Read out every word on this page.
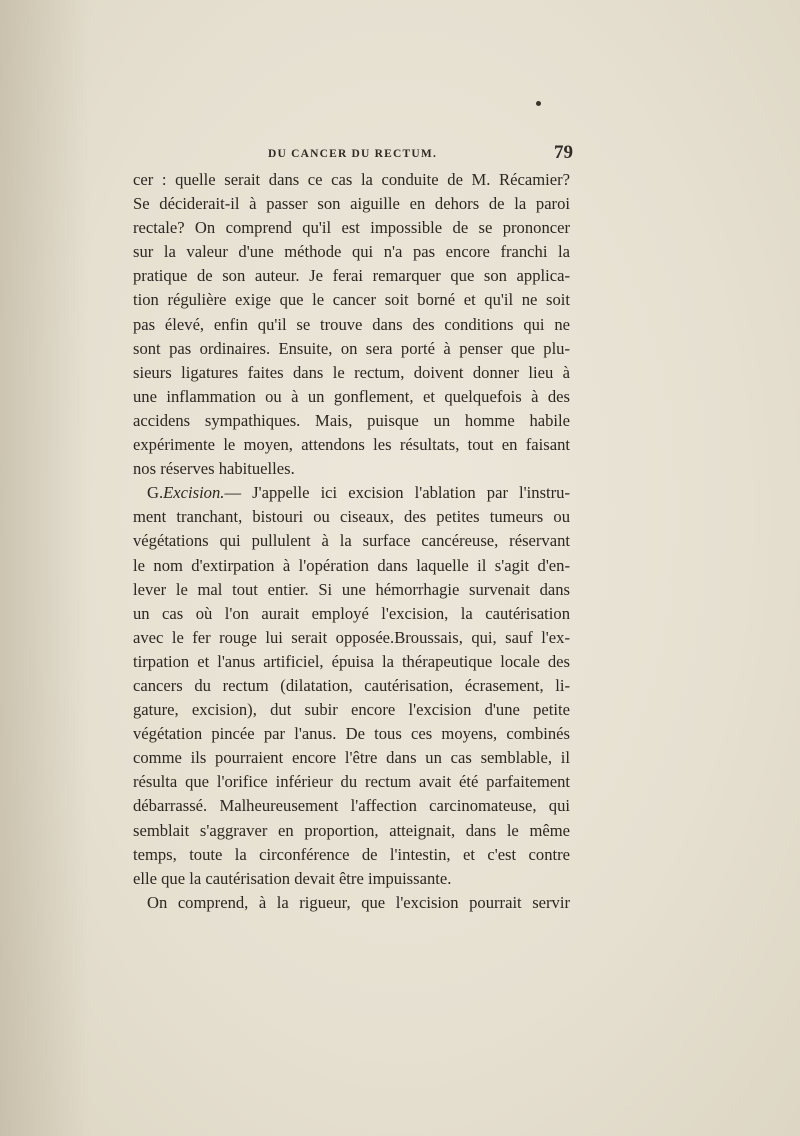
DU CANCER DU RECTUM.	79
cer : quelle serait dans ce cas la conduite de M. Récamier?
Se déciderait-il à passer son aiguille en dehors de la paroi
rectale? On comprend qu'il est impossible de se prononcer
sur la valeur d'une méthode qui n'a pas encore franchi la
pratique de son auteur. Je ferai remarquer que son applica-
tion régulière exige que le cancer soit borné et qu'il ne soit
pas élevé, enfin qu'il se trouve dans des conditions qui ne
sont pas ordinaires. Ensuite, on sera porté à penser que plu-
sieurs ligatures faites dans le rectum, doivent donner lieu à
une inflammation ou à un gonflement, et quelquefois à des
accidens sympathiques. Mais, puisque un homme habile
expérimente le moyen, attendons les résultats, tout en faisant
nos réserves habituelles.
G.Excision.— J'appelle ici excision l'ablation par l'instru-
ment tranchant, bistouri ou ciseaux, des petites tumeurs ou
végétations qui pullulent à la surface cancéreuse, réservant
le nom d'extirpation à l'opération dans laquelle il s'agit d'en-
lever le mal tout entier. Si une hémorrhagie survenait dans
un cas où l'on aurait employé l'excision, la cautérisation
avec le fer rouge lui serait opposée.Broussais, qui, sauf l'ex-
tirpation et l'anus artificiel, épuisa la thérapeutique locale des
cancers du rectum (dilatation, cautérisation, écrasement, li-
gature, excision), dut subir encore l'excision d'une petite
végétation pincée par l'anus. De tous ces moyens, combinés
comme ils pourraient encore l'être dans un cas semblable, il
résulta que l'orifice inférieur du rectum avait été parfaitement
débarrassé. Malheureusement l'affection carcinomateuse, qui
semblait s'aggraver en proportion, atteignait, dans le même
temps, toute la circonférence de l'intestin, et c'est contre
elle que la cautérisation devait être impuissante.
On comprend, à la rigueur, que l'excision pourrait servir
